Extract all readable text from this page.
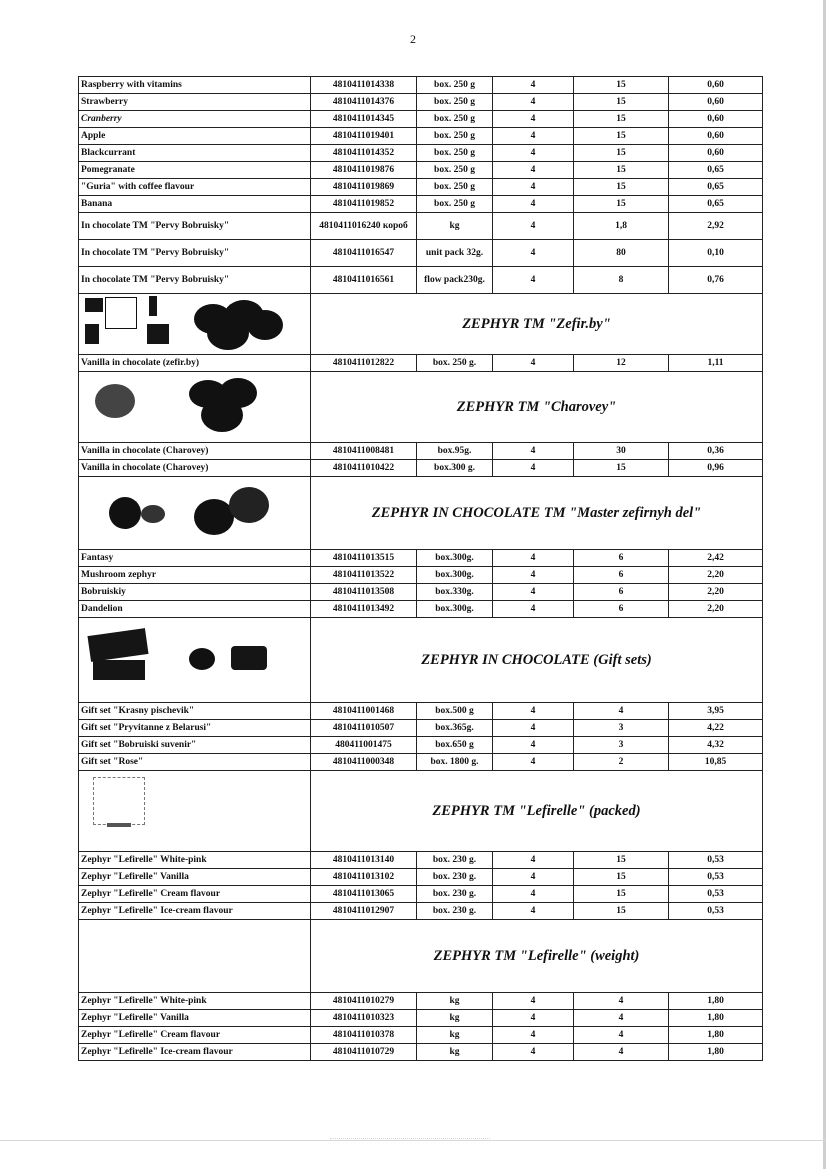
2
Raspberry with vitamins	4810411014338	box. 250 g	4	15	0,60
Strawberry	4810411014376	box. 250 g	4	15	0,60
Cranberry	4810411014345	box. 250 g	4	15	0,60
Apple	4810411019401	box. 250 g	4	15	0,60
Blackcurrant	4810411014352	box. 250 g	4	15	0,60
Pomegranate	4810411019876	box. 250 g	4	15	0,65
"Guria" with coffee flavour	4810411019869	box. 250 g	4	15	0,65
Banana	4810411019852	box. 250 g	4	15	0,65
In chocolate TM "Pervy Bobruisky"	4810411016240 короб	kg	4	1,8	2,92
In chocolate TM "Pervy Bobruisky"	4810411016547	unit pack 32g.	4	80	0,10
In chocolate TM "Pervy Bobruisky"	4810411016561	flow pack230g.	4	8	0,76

	ZEPHYR TM "Zefir.by"				
Vanilla in chocolate (zefir.by)	4810411012822	box. 250 g.	4	12	1,11

	ZEPHYR TM "Charovey"				
Vanilla in chocolate (Charovey)	4810411008481	box.95g.	4	30	0,36
Vanilla in chocolate (Charovey)	4810411010422	box.300 g.	4	15	0,96

	ZEPHYR IN CHOCOLATE TM "Master zefirnyh del"				
Fantasy	4810411013515	box.300g.	4	6	2,42
Mushroom zephyr	4810411013522	box.300g.	4	6	2,20
Bobruiskiy	4810411013508	box.330g.	4	6	2,20
Dandelion	4810411013492	box.300g.	4	6	2,20

	ZEPHYR IN CHOCOLATE (Gift sets)				
Gift set "Krasny pischevik"	4810411001468	box.500 g	4	4	3,95
Gift set "Pryvitanne z Belarusi"	4810411010507	box.365g.	4	3	4,22
Gift set "Bobruiski suvenir"	480411001475	box.650 g	4	3	4,32
Gift set "Rose"	4810411000348	box. 1800 g.	4	2	10,85

	ZEPHYR TM "Lefirelle" (packed)				
Zephyr "Lefirelle" White-pink	4810411013140	box. 230 g.	4	15	0,53
Zephyr "Lefirelle" Vanilla	4810411013102	box. 230 g.	4	15	0,53
Zephyr "Lefirelle" Cream flavour	4810411013065	box. 230 g.	4	15	0,53
Zephyr "Lefirelle" Ice-cream flavour	4810411012907	box. 230 g.	4	15	0,53
	ZEPHYR TM "Lefirelle" (weight)				
Zephyr "Lefirelle" White-pink	4810411010279	kg	4	4	1,80
Zephyr "Lefirelle" Vanilla	4810411010323	kg	4	4	1,80
Zephyr "Lefirelle" Cream flavour	4810411010378	kg	4	4	1,80
Zephyr "Lefirelle" Ice-cream flavour	4810411010729	kg	4	4	1,80
